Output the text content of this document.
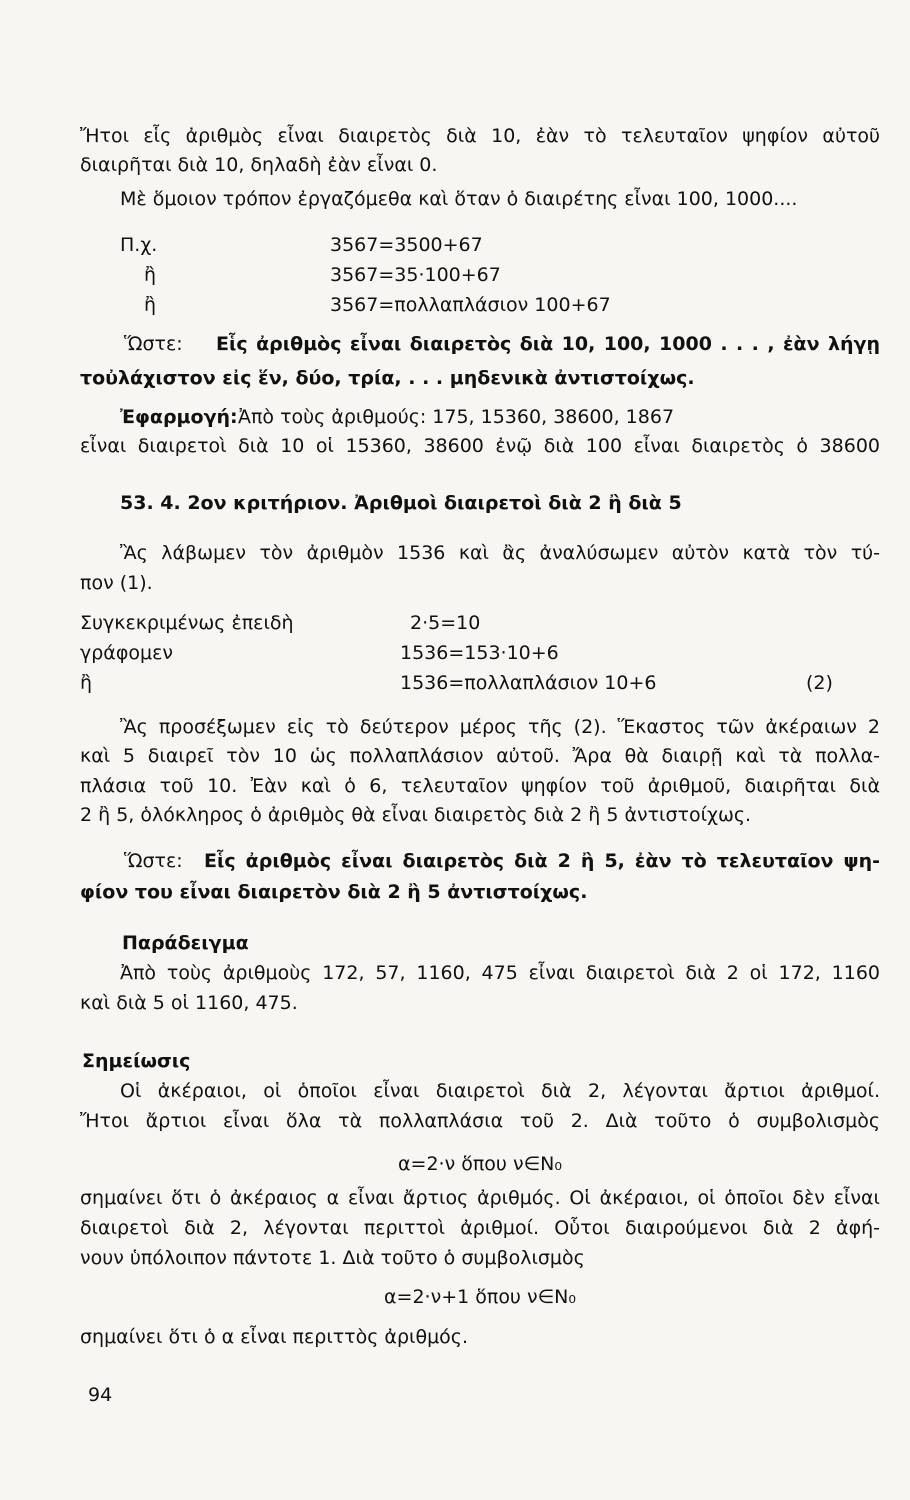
Ἤτοι εἷς ἀριθμὸς εἶναι διαιρετὸς διὰ 10, ἐὰν τὸ τελευταῖον ψηφίον αὐτοῦ
διαιρῆται διὰ 10, δηλαδὴ ἐὰν εἶναι 0.
Μὲ ὅμοιον τρόπον ἐργαζόμεθα καὶ ὅταν ὁ διαιρέτης εἶναι 100, 1000....
Π.χ.	3567=3500+67
ἢ	3567=35·100+67
ἢ	3567=πολλαπλάσιον 100+67
Ὥστε: Εἷς ἀριθμὸς εἶναι διαιρετὸς διὰ 10, 100, 1000 . . . , ἐὰν λήγῃ
τοὐλάχιστον εἰς ἕν, δύο, τρία, . . . μηδενικὰ ἀντιστοίχως.
Ἐφαρμογή: Ἀπὸ τοὺς ἀριθμούς: 175, 15360, 38600, 1867
εἶναι διαιρετοὶ διὰ 10 οἱ 15360, 38600 ἐνῷ διὰ 100 εἶναι διαιρετὸς ὁ 38600
53. 4. 2ον κριτήριον. Ἀριθμοὶ διαιρετοὶ διὰ 2 ἢ διὰ 5
Ἂς λάβωμεν τὸν ἀριθμὸν 1536 καὶ ἂς ἀναλύσωμεν αὐτὸν κατὰ τὸν τύ-
πον (1).
Συγκεκριμένως ἐπειδὴ	2·5=10
γράφομεν	1536=153·10+6
ἢ	1536=πολλαπλάσιον 10+6	(2)
Ἂς προσέξωμεν εἰς τὸ δεύτερον μέρος τῆς (2). Ἕκαστος τῶν ἀκέραιων 2
καὶ 5 διαιρεῖ τὸν 10 ὡς πολλαπλάσιον αὐτοῦ. Ἄρα θὰ διαιρῇ καὶ τὰ πολλα-
πλάσια τοῦ 10. Ἐὰν καὶ ὁ 6, τελευταῖον ψηφίον τοῦ ἀριθμοῦ, διαιρῆται διὰ
2 ἢ 5, ὁλόκληρος ὁ ἀριθμὸς θὰ εἶναι διαιρετὸς διὰ 2 ἢ 5 ἀντιστοίχως.
Ὥστε: Εἷς ἀριθμὸς εἶναι διαιρετὸς διὰ 2 ἢ 5, ἐὰν τὸ τελευταῖον ψη-
φίον του εἶναι διαιρετὸν διὰ 2 ἢ 5 ἀντιστοίχως.
Παράδειγμα
Ἀπὸ τοὺς ἀριθμοὺς 172, 57, 1160, 475 εἶναι διαιρετοὶ διὰ 2 οἱ 172, 1160
καὶ διὰ 5 οἱ 1160, 475.
Σημείωσις
Οἱ ἀκέραιοι, οἱ ὁποῖοι εἶναι διαιρετοὶ διὰ 2, λέγονται ἄρτιοι ἀριθμοί.
Ἤτοι ἄρτιοι εἶναι ὅλα τὰ πολλαπλάσια τοῦ 2. Διὰ τοῦτο ὁ συμβολισμὸς
α=2·ν ὅπου ν∈N₀
σημαίνει ὅτι ὁ ἀκέραιος α εἶναι ἄρτιος ἀριθμός. Οἱ ἀκέραιοι, οἱ ὁποῖοι δὲν εἶναι
διαιρετοὶ διὰ 2, λέγονται περιττοὶ ἀριθμοί. Οὗτοι διαιρούμενοι διὰ 2 ἀφή-
νουν ὑπόλοιπον πάντοτε 1. Διὰ τοῦτο ὁ συμβολισμὸς
α=2·ν+1 ὅπου ν∈N₀
σημαίνει ὅτι ὁ α εἶναι περιττὸς ἀριθμός.
94
